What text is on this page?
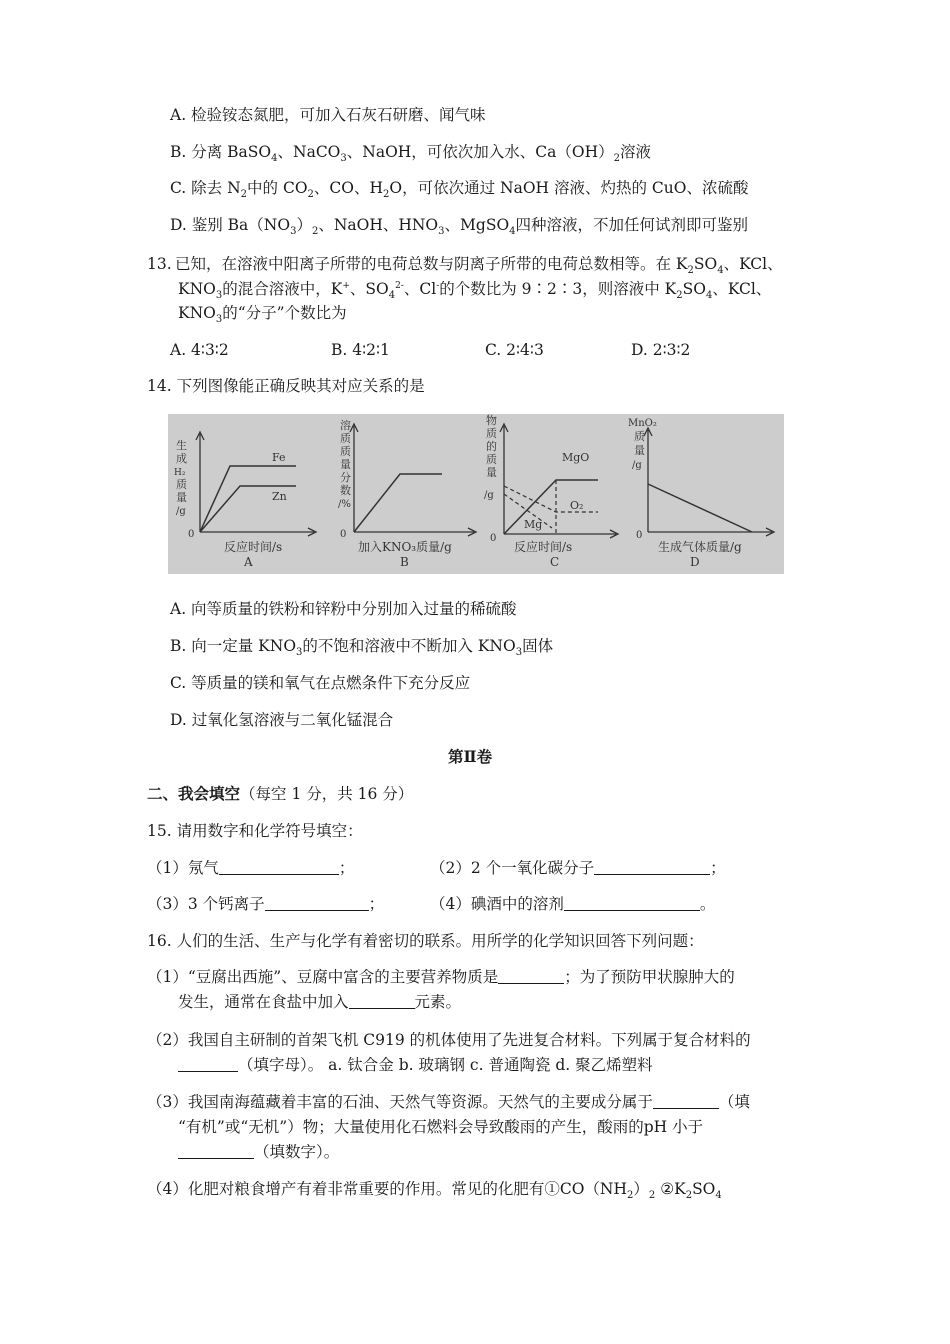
A. 检验铵态氮肥，可加入石灰石研磨、闻气味
B. 分离 BaSO$_4$、NaCO$_3$、NaOH，可依次加入水、$Ca(OH)_2$溶液
C. 除去 $N_2$中的 $CO_2$、CO、$H_2O$，可依次通过 NaOH 溶液、灼热的 CuO、浓硫酸
D. 鉴别 $Ba(NO_3)_2$、NaOH、$HNO_3$、MgSO$_4$四种溶液，不加任何试剂即可鉴别
13. 已知，在溶液中阳离子所带的电荷总数与阴离子所带的电荷总数相等。在 $K_2SO_4$、KCl、
$KNO_3$的混合溶液中，K+、$SO_4^{2-}$、Cl-的个数比为 9∶2∶3，则溶液中 $K_2SO_4$、KCl、
$KNO_3$的“分子”个数比为
A. 4∶3∶2	B. 4∶2∶1	C. 2∶4∶3	D. 2∶3∶2
14. 下列图像能正确反映其对应关系的是
生
成
H₂
质
量
/g
0
Fe
Zn
反应时间/s
A
溶
质
质
量
分
数
/%
0
加入KNO₃质量/g
B
物
质
的
质
量
/g
0
MgO
O₂
Mg
反应时间/s
C
MnO₂
质
量
/g
0
生成气体质量/g
D
A. 向等质量的铁粉和锌粉中分别加入过量的稀硫酸
B. 向一定量 $KNO_3$的不饱和溶液中不断加入 $KNO_3$固体
C. 等质量的镁和氧气在点燃条件下充分反应
D. 过氧化氢溶液与二氧化锰混合
第Ⅱ卷
二、我会填空（每空 1 分，共 16 分）
15. 请用数字和化学符号填空：
（1）氖气	；	（2）2 个一氧化碳分子	；
（3）3 个钙离子	；	（4）碘酒中的溶剂	。
16. 人们的生活、生产与化学有着密切的联系。用所学的化学知识回答下列问题：
（1）“豆腐出西施”、豆腐中富含的主要营养物质是	；为了预防甲状腺肿大的
发生，通常在食盐中加入	元素。
（2）我国自主研制的首架飞机 C919 的机体使用了先进复合材料。下列属于复合材料的
（填字母）。 a. 钛合金 b. 玻璃钢 c. 普通陶瓷 d. 聚乙烯塑料
（3）我国南海蕴藏着丰富的石油、天然气等资源。天然气的主要成分属于	（填
“有机”或“无机”）物；大量使用化石燃料会导致酸雨的产生，酸雨的pH 小于
（填数字）。
（4）化肥对粮食增产有着非常重要的作用。常见的化肥有$①CO(NH_2)_2$ $②K_2SO_4$
